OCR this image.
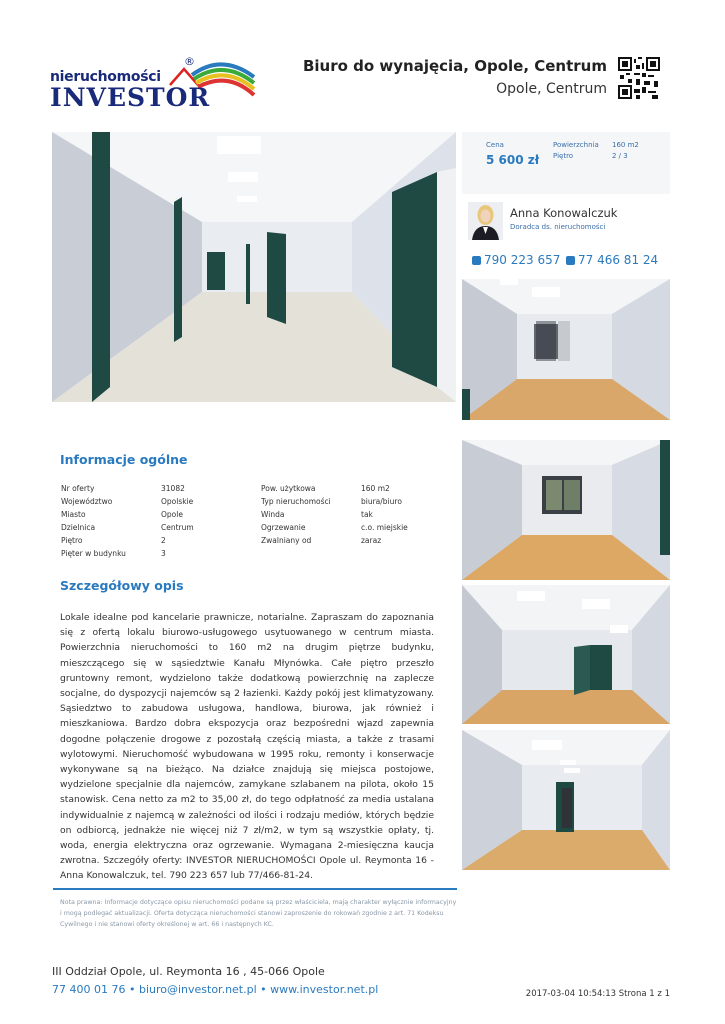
nieruchomości
®
INVESTOR
Biuro do wynajęcia, Opole, Centrum
Opole, Centrum
Cena
5 600 zł
Powierzchnia 160 m2
Piętro	2 / 3
Anna Konowalczuk
Doradca ds. nieruchomości
790 223 657	77 466 81 24
Informacje ogólne
Nr oferty	31082
Województwo	Opolskie
Miasto	Opole
Dzielnica	Centrum
Piętro	2
Pięter w budynku	3
Pow. użytkowa	160 m2
Typ nieruchomości	biura/biuro
Winda	tak
Ogrzewanie	c.o. miejskie
Zwalniany od	zaraz
Szczegółowy opis
Lokale idealne pod kancelarie prawnicze, notarialne. Zapraszam do zapoznania się z ofertą lokalu biurowo-usługowego usytuowanego w centrum miasta. Powierzchnia nieruchomości to 160 m2 na drugim piętrze budynku, mieszczącego się w sąsiedztwie Kanału Młynówka. Całe piętro przeszło gruntowny remont, wydzielono także dodatkową powierzchnię na zaplecze socjalne, do dyspozycji najemców są 2 łazienki. Każdy pokój jest klimatyzowany. Sąsiedztwo to zabudowa usługowa, handlowa, biurowa, jak również i mieszkaniowa. Bardzo dobra ekspozycja oraz bezpośredni wjazd zapewnia dogodne połączenie drogowe z pozostałą częścią miasta, a także z trasami wylotowymi. Nieruchomość wybudowana w 1995 roku, remonty i konserwacje wykonywane są na bieżąco. Na działce znajdują się miejsca postojowe, wydzielone specjalnie dla najemców, zamykane szlabanem na pilota, około 15 stanowisk. Cena netto za m2 to 35,00 zł, do tego odpłatność za media ustalana indywidualnie z najemcą w zależności od ilości i rodzaju mediów, których będzie on odbiorcą, jednakże nie więcej niż 7 zł/m2, w tym są wszystkie opłaty, tj. woda, energia elektryczna oraz ogrzewanie. Wymagana 2-miesięczna kaucja zwrotna. Szczegóły oferty: INVESTOR NIERUCHOMOŚCI Opole ul. Reymonta 16 - Anna Konowalczuk, tel. 790 223 657 lub 77/466-81-24.
Nota prawna: Informacje dotyczące opisu nieruchomości podane są przez właściciela, mają charakter wyłącznie informacyjny i mogą podlegać aktualizacji. Oferta dotycząca nieruchomości stanowi zaproszenie do rokowań zgodnie z art. 71 Kodeksu Cywilnego i nie stanowi oferty określonej w art. 66 i następnych KC.
III Oddział Opole, ul. Reymonta 16 , 45-066 Opole
77 400 01 76 • biuro@investor.net.pl • www.investor.net.pl	2017-03-04 10:54:13 Strona 1 z 1
